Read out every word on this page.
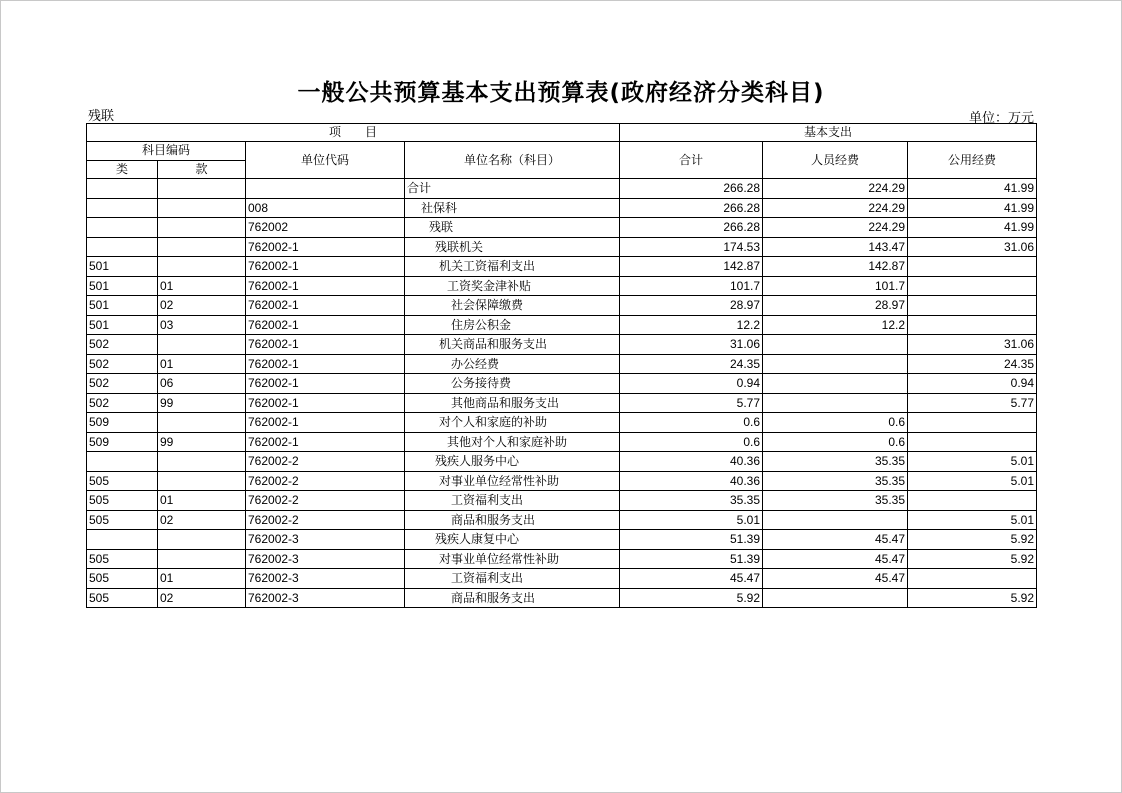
一般公共预算基本支出预算表(政府经济分类科目)
残联	单位：万元
项　　目				基本支出		
科目编码		单位代码	单位名称（科目）	合计	人员经费	公用经费
类	款					
			合计	266.28	224.29	41.99
		008	社保科	266.28	224.29	41.99
		762002	残联	266.28	224.29	41.99
		762002-1	残联机关	174.53	143.47	31.06
501		762002-1	机关工资福利支出	142.87	142.87	
501	01	762002-1	工资奖金津补贴	101.7	101.7	
501	02	762002-1	社会保障缴费	28.97	28.97	
501	03	762002-1	住房公积金	12.2	12.2	
502		762002-1	机关商品和服务支出	31.06		31.06
502	01	762002-1	办公经费	24.35		24.35
502	06	762002-1	公务接待费	0.94		0.94
502	99	762002-1	其他商品和服务支出	5.77		5.77
509		762002-1	对个人和家庭的补助	0.6	0.6	
509	99	762002-1	其他对个人和家庭补助	0.6	0.6	
		762002-2	残疾人服务中心	40.36	35.35	5.01
505		762002-2	对事业单位经常性补助	40.36	35.35	5.01
505	01	762002-2	工资福利支出	35.35	35.35	
505	02	762002-2	商品和服务支出	5.01		5.01
		762002-3	残疾人康复中心	51.39	45.47	5.92
505		762002-3	对事业单位经常性补助	51.39	45.47	5.92
505	01	762002-3	工资福利支出	45.47	45.47	
505	02	762002-3	商品和服务支出	5.92		5.92
